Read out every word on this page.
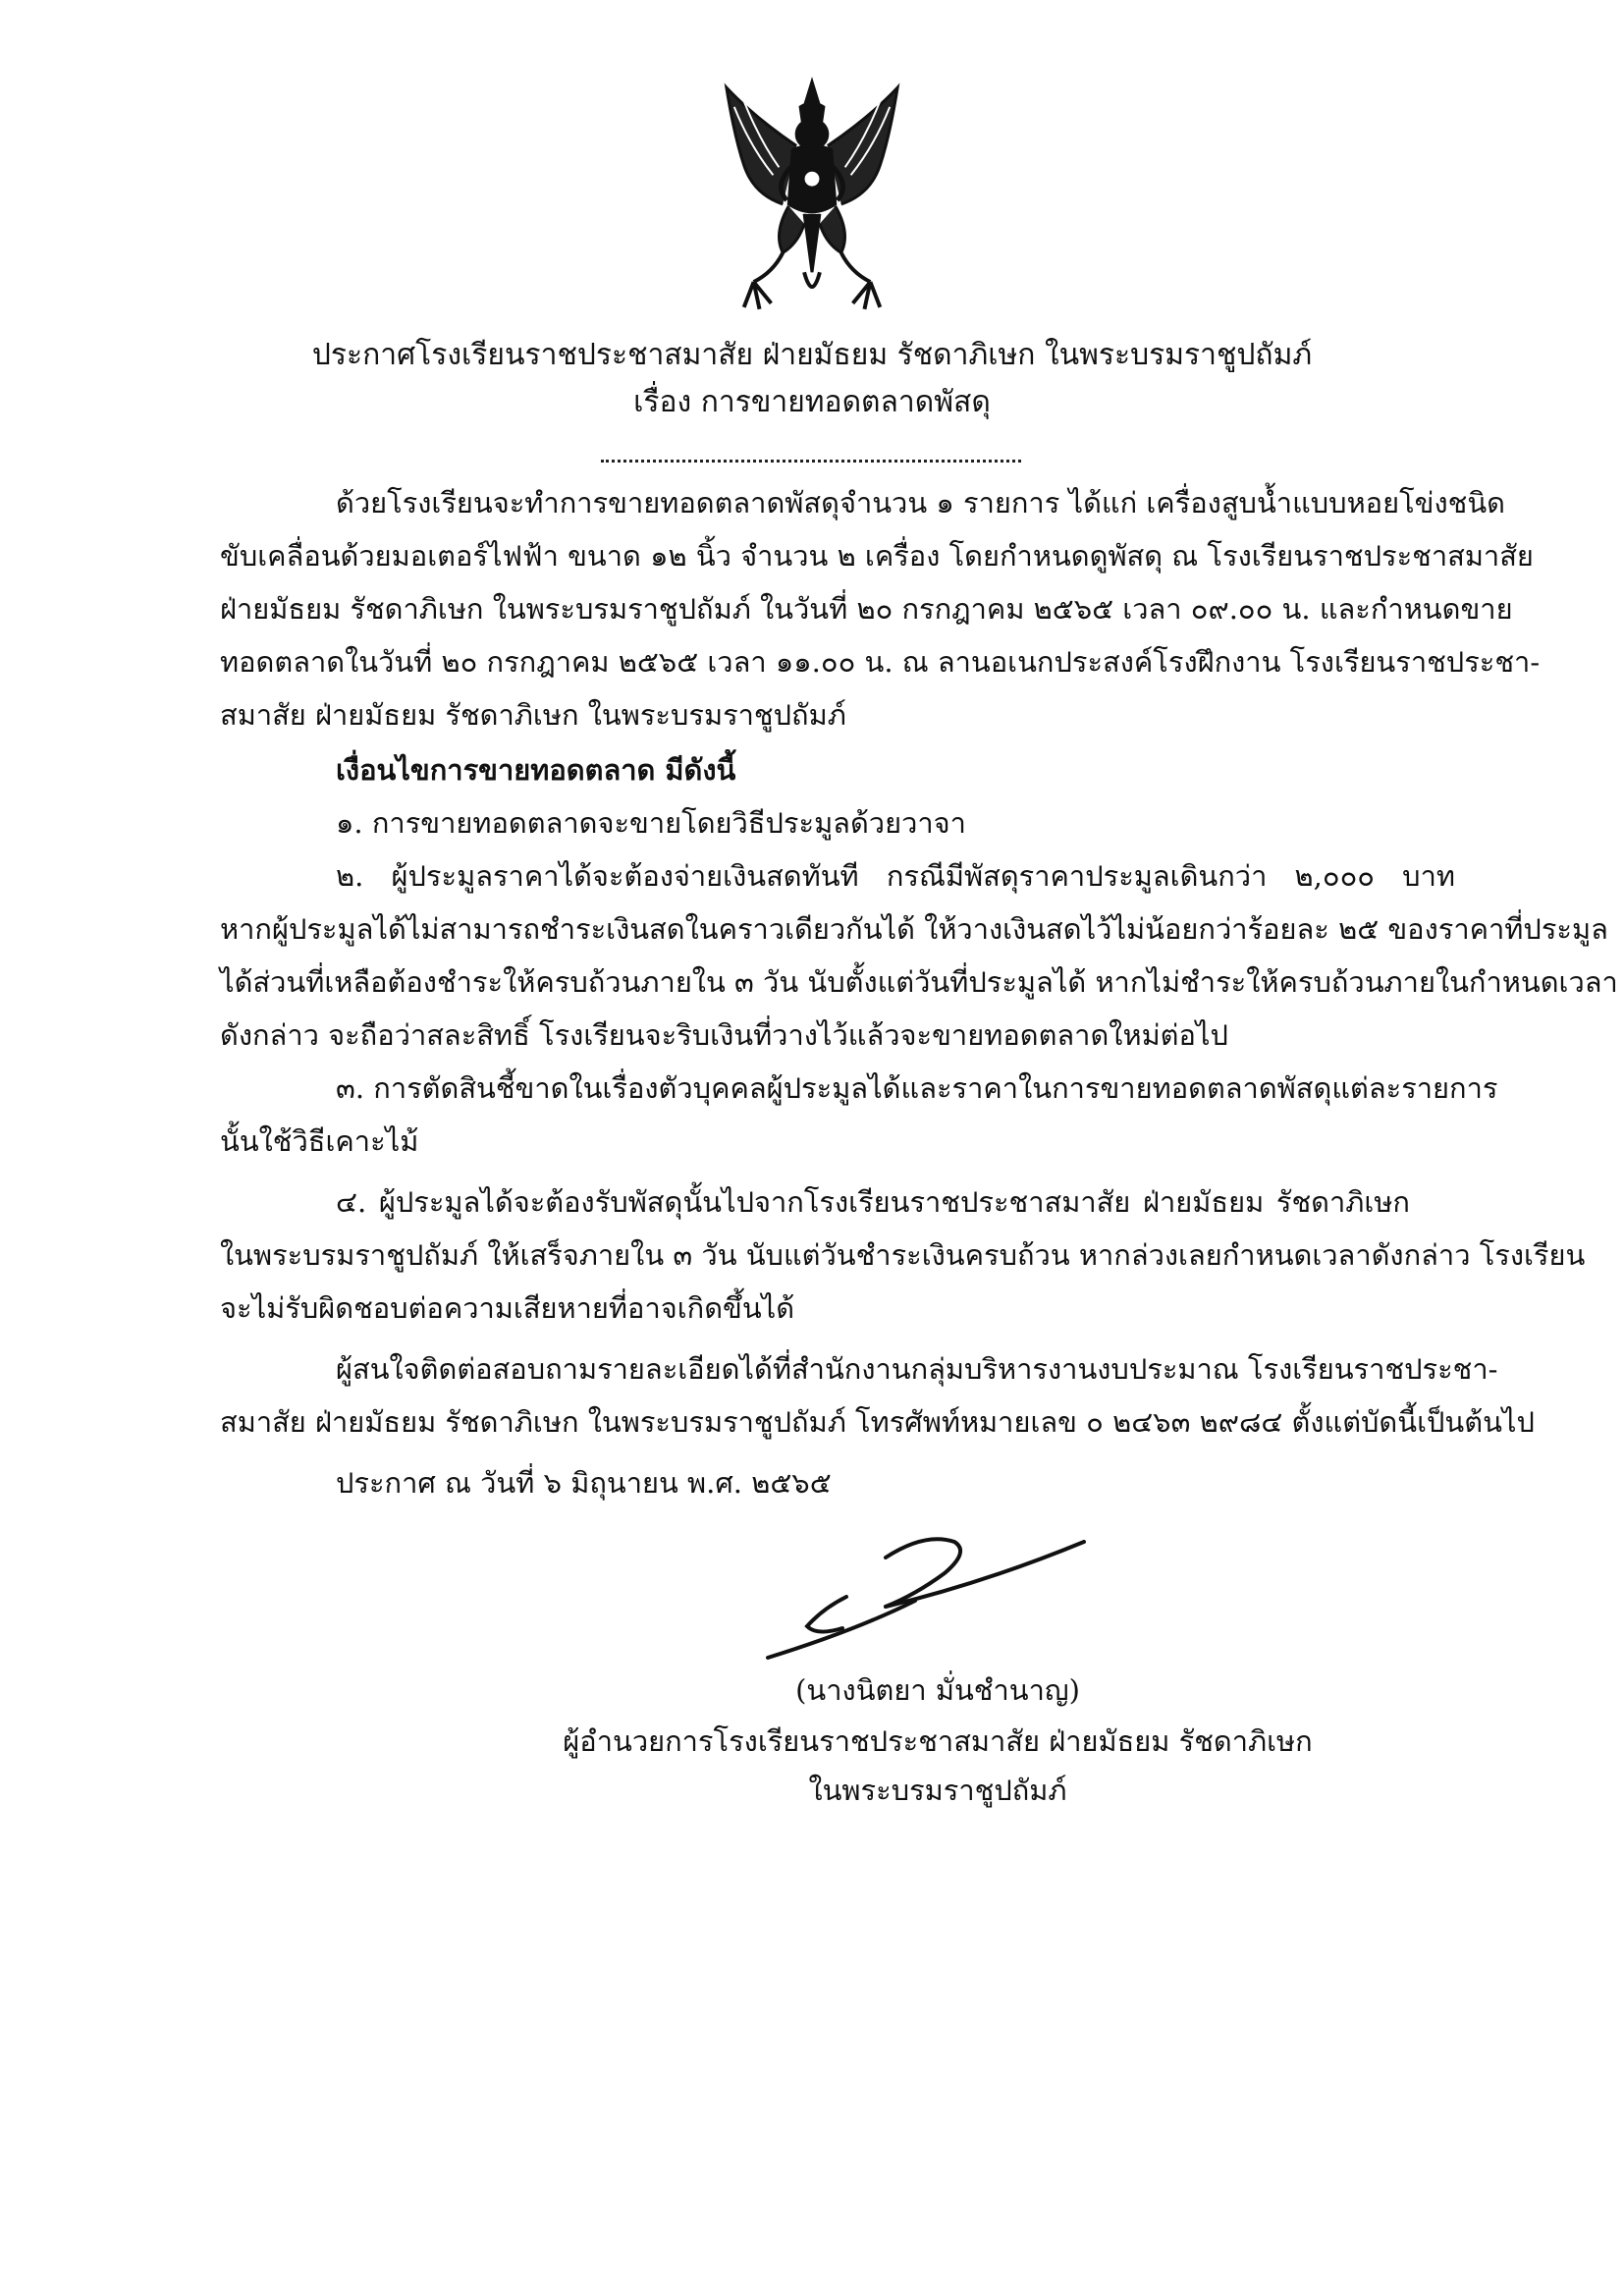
ประกาศโรงเรียนราชประชาสมาสัย ฝ่ายมัธยม รัชดาภิเษก ในพระบรมราชูปถัมภ์
เรื่อง การขายทอดตลาดพัสดุ
ด้วยโรงเรียนจะทำการขายทอดตลาดพัสดุจำนวน ๑ รายการ ได้แก่ เครื่องสูบน้ำแบบหอยโข่งชนิด
ขับเคลื่อนด้วยมอเตอร์ไฟฟ้า ขนาด ๑๒ นิ้ว จำนวน ๒ เครื่อง โดยกำหนดดูพัสดุ ณ โรงเรียนราชประชาสมาสัย
ฝ่ายมัธยม รัชดาภิเษก ในพระบรมราชูปถัมภ์ ในวันที่ ๒๐ กรกฎาคม ๒๕๖๕ เวลา ๐๙.๐๐ น. และกำหนดขาย
ทอดตลาดในวันที่ ๒๐ กรกฎาคม ๒๕๖๕ เวลา ๑๑.๐๐ น. ณ ลานอเนกประสงค์โรงฝึกงาน โรงเรียนราชประชา-
สมาสัย ฝ่ายมัธยม รัชดาภิเษก ในพระบรมราชูปถัมภ์
เงื่อนไขการขายทอดตลาด มีดังนี้
๑. การขายทอดตลาดจะขายโดยวิธีประมูลด้วยวาจา
๒. ผู้ประมูลราคาได้จะต้องจ่ายเงินสดทันที กรณีมีพัสดุราคาประมูลเดินกว่า ๒,๐๐๐ บาท
หากผู้ประมูลได้ไม่สามารถชำระเงินสดในคราวเดียวกันได้ ให้วางเงินสดไว้ไม่น้อยกว่าร้อยละ ๒๕ ของราคาที่ประมูล
ได้ส่วนที่เหลือต้องชำระให้ครบถ้วนภายใน ๓ วัน นับตั้งแต่วันที่ประมูลได้ หากไม่ชำระให้ครบถ้วนภายในกำหนดเวลา
ดังกล่าว จะถือว่าสละสิทธิ์ โรงเรียนจะริบเงินที่วางไว้แล้วจะขายทอดตลาดใหม่ต่อไป
๓. การตัดสินชี้ขาดในเรื่องตัวบุคคลผู้ประมูลได้และราคาในการขายทอดตลาดพัสดุแต่ละรายการ
นั้นใช้วิธีเคาะไม้
๔. ผู้ประมูลได้จะต้องรับพัสดุนั้นไปจากโรงเรียนราชประชาสมาสัย ฝ่ายมัธยม รัชดาภิเษก
ในพระบรมราชูปถัมภ์ ให้เสร็จภายใน ๓ วัน นับแต่วันชำระเงินครบถ้วน หากล่วงเลยกำหนดเวลาดังกล่าว โรงเรียน
จะไม่รับผิดชอบต่อความเสียหายที่อาจเกิดขึ้นได้
ผู้สนใจติดต่อสอบถามรายละเอียดได้ที่สำนักงานกลุ่มบริหารงานงบประมาณ โรงเรียนราชประชา-
สมาสัย ฝ่ายมัธยม รัชดาภิเษก ในพระบรมราชูปถัมภ์ โทรศัพท์หมายเลข ๐ ๒๔๖๓ ๒๙๘๔ ตั้งแต่บัดนี้เป็นต้นไป
ประกาศ ณ วันที่ ๖ มิถุนายน พ.ศ. ๒๕๖๕
(นางนิตยา มั่นชำนาญ)
ผู้อำนวยการโรงเรียนราชประชาสมาสัย ฝ่ายมัธยม รัชดาภิเษก
ในพระบรมราชูปถัมภ์
